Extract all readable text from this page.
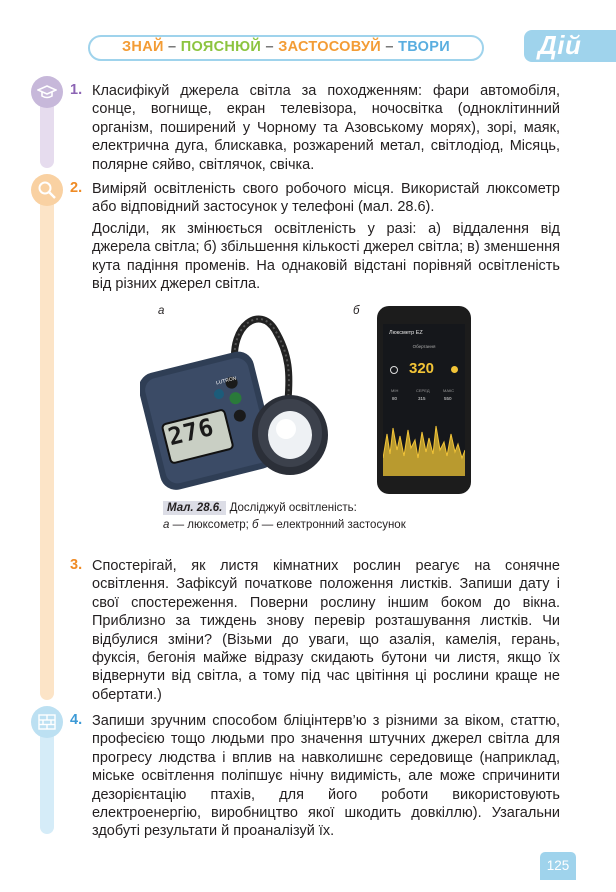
ЗНАЙ – ПОЯСНЮЙ – ЗАСТОСОВУЙ – ТВОРИ	Дій
1. Класифікуй джерела світла за походженням: фари автомобіля, сонце, вогнище, екран телевізора, ночосвітка (одноклітинний організм, поширений у Чорному та Азовському морях), зорі, маяк, електрична дуга, блискавка, розжарений метал, світлодіод, Місяць, полярне сяйво, світлячок, свічка.
2. Виміряй освітленість свого робочого місця. Використай люксометр або відповідний застосунок у телефоні (мал. 28.6).
Досліди, як змінюється освітленість у разі: а) віддалення від джерела світла; б) збільшення кількості джерел світла; в) зменшення кута падіння променів. На однаковій відстані порівняй освітленість від різних джерел світла.
а	б
276
LUTRON
Люксметр EZ
Обертання
320
МІН	СЕРЕД	МАКС
80	315	550
Мал. 28.6. Досліджуй освітленість:
а — люксометр; б — електронний застосунок
3. Спостерігай, як листя кімнатних рослин реагує на сонячне освітлення. Зафіксуй початкове положення листків. Запиши дату і свої спостереження. Поверни рослину іншим боком до вікна. Приблизно за тиждень знову перевір розташування листків. Чи відбулися зміни? (Візьми до уваги, що азалія, камелія, герань, фуксія, бегонія майже відразу скидають бутони чи листя, якщо їх відвернути від світла, а тому під час цвітіння ці рослини краще не обертати.)
4. Запиши зручним способом бліцінтерв’ю з різними за віком, статтю, професією тощо людьми про значення штучних джерел світла для прогресу людства і вплив на навколишнє середовище (наприклад, міське освітлення поліпшує нічну видимість, але може спричинити дезорієнтацію птахів, для його роботи використовують електроенергію, виробництво якої шкодить довкіллю). Узагальни здобуті результати й проаналізуй їх.
125
